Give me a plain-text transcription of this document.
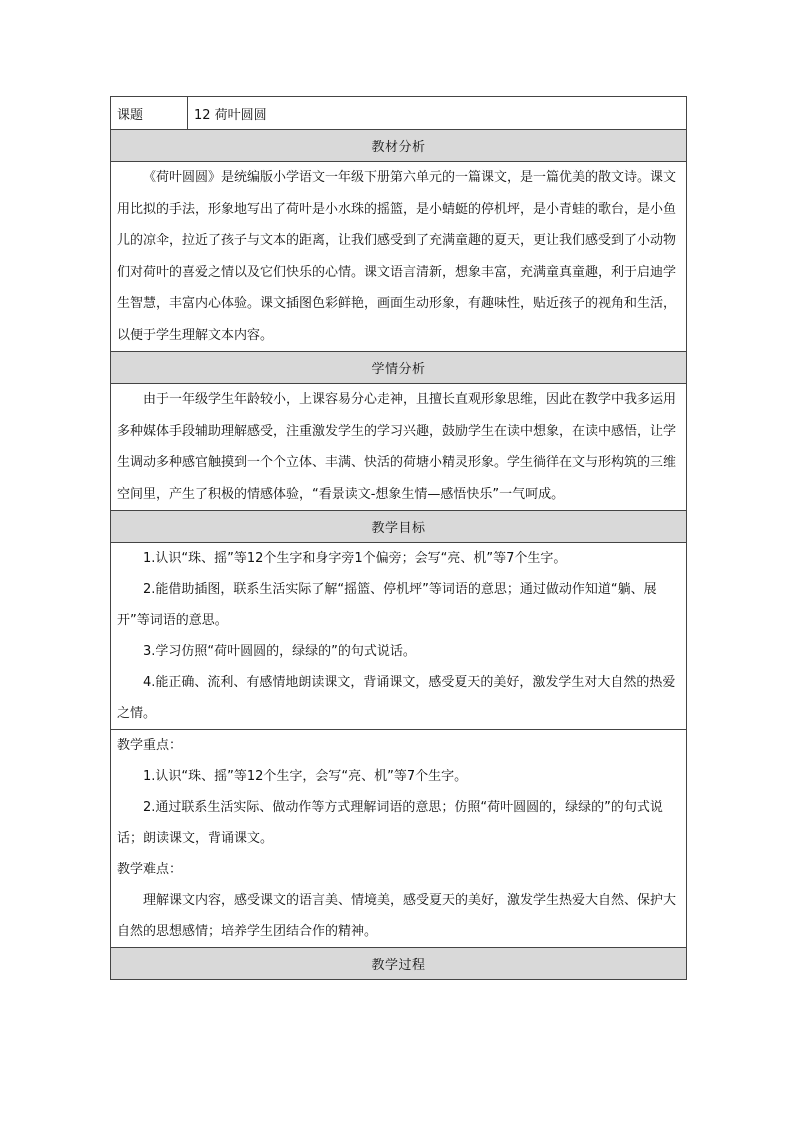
课题	12 荷叶圆圆
教材分析
《荷叶圆圆》是统编版小学语文一年级下册第六单元的一篇课文，是一篇优美的散文诗。课文用比拟的手法，形象地写出了荷叶是小水珠的摇篮，是小蜻蜓的停机坪，是小青蛙的歌台，是小鱼儿的凉伞，拉近了孩子与文本的距离，让我们感受到了充满童趣的夏天，更让我们感受到了小动物们对荷叶的喜爱之情以及它们快乐的心情。课文语言清新，想象丰富，充满童真童趣，利于启迪学生智慧，丰富内心体验。课文插图色彩鲜艳，画面生动形象，有趣味性，贴近孩子的视角和生活，以便于学生理解文本内容。
学情分析
由于一年级学生年龄较小，上课容易分心走神，且擅长直观形象思维，因此在教学中我多运用多种媒体手段辅助理解感受，注重激发学生的学习兴趣，鼓励学生在读中想象，在读中感悟，让学生调动多种感官触摸到一个个立体、丰满、快活的荷塘小精灵形象。学生徜徉在文与形构筑的三维空间里，产生了积极的情感体验，“看景读文-想象生情—感悟快乐”一气呵成。
教学目标

1.认识“珠、摇”等12个生字和身字旁1个偏旁；会写“亮、机”等7个生字。

2.能借助插图，联系生活实际了解“摇篮、停机坪”等词语的意思；通过做动作知道“躺、展开”等词语的意思。

3.学习仿照“荷叶圆圆的，绿绿的”的句式说话。

4.能正确、流利、有感情地朗读课文，背诵课文，感受夏天的美好，激发学生对大自然的热爱之情。

教学重点：

1.认识“珠、摇”等12个生字，会写“亮、机”等7个生字。

2.通过联系生活实际、做动作等方式理解词语的意思；仿照“荷叶圆圆的，绿绿的”的句式说话；朗读课文，背诵课文。

教学难点：

理解课文内容，感受课文的语言美、情境美，感受夏天的美好，激发学生热爱大自然、保护大自然的思想感情；培养学生团结合作的精神。

教学过程
